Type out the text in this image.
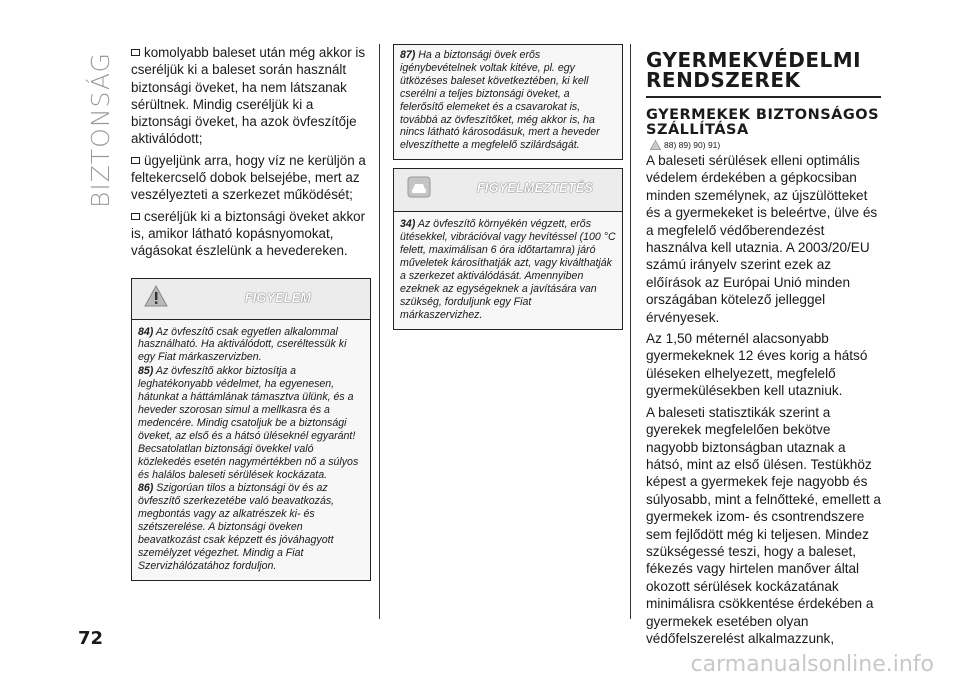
BIZTONSÁG	komolyabb baleset után még akkor is cseréljük ki a baleset során használt biztonsági öveket, ha nem látszanak sérültnek. Mindig cseréljük ki a biztonsági öveket, ha azok övfeszítője aktiválódott;

ügyeljünk arra, hogy víz ne kerüljön a feltekercselő dobok belsejébe, mert az veszélyezteti a szerkezet működését;

cseréljük ki a biztonsági öveket akkor is, amikor látható kopásnyomokat, vágásokat észlelünk a hevedereken.

FIGYELEM

84) Az övfeszítő csak egyetlen alkalommal használható. Ha aktiválódott, cseréltessük ki egy Fiat márkaszervizben.

85) Az övfeszítő akkor biztosítja a leghatékonyabb védelmet, ha egyenesen, hátunkat a háttámlának támasztva ülünk, és a heveder szorosan simul a mellkasra és a medencére. Mindig csatoljuk be a biztonsági öveket, az első és a hátsó üléseknél egyaránt! Becsatolatlan biztonsági övekkel való közlekedés esetén nagymértékben nő a súlyos és halálos baleseti sérülések kockázata.

86) Szigorúan tilos a biztonsági öv és az övfeszítő szerkezetébe való beavatkozás, megbontás vagy az alkatrészek ki- és szétszerelése. A biztonsági öveken beavatkozást csak képzett és jóváhagyott személyzet végezhet. Mindig a Fiat Szervizhálózatához forduljon.

87) Ha a biztonsági övek erős igénybevételnek voltak kitéve, pl. egy ütközéses baleset következtében, ki kell cserélni a teljes biztonsági öveket, a felerősítő elemeket és a csavarokat is, továbbá az övfeszítőket, még akkor is, ha nincs látható károsodásuk, mert a heveder elveszíthette a megfelelő szilárdságát.

FIGYELMEZTETÉS

34) Az övfeszítő környékén végzett, erős ütésekkel, vibrációval vagy hevítéssel (100 °C felett, maximálisan 6 óra időtartamra) járó műveletek károsíthatják azt, vagy kiválthatják a szerkezet aktiválódását. Amennyiben ezeknek az egységeknek a javítására van szükség, forduljunk egy Fiat márkaszervizhez.

GYERMEKVÉDELMI RENDSZEREK
GYERMEKEK BIZTONSÁGOS SZÁLLÍTÁSA
88) 89) 90) 91)

A baleseti sérülések elleni optimális védelem érdekében a gépkocsiban minden személynek, az újszülötteket és a gyermekeket is beleértve, ülve és a megfelelő védőberendezést használva kell utaznia. A 2003/20/EU számú irányelv szerint ezek az előírások az Európai Unió minden országában kötelező jelleggel érvényesek.

Az 1,50 méternél alacsonyabb gyermekeknek 12 éves korig a hátsó üléseken elhelyezett, megfelelő gyermekülésekben kell utazniuk.

A baleseti statisztikák szerint a gyerekek megfelelően bekötve nagyobb biztonságban utaznak a hátsó, mint az első ülésen. Testükhöz képest a gyermekek feje nagyobb és súlyosabb, mint a felnőtteké, emellett a gyermekek izom- és csontrendszere sem fejlődött még ki teljesen. Mindez szükségessé teszi, hogy a baleset, fékezés vagy hirtelen manőver által okozott sérülések kockázatának minimálisra csökkentése érdekében a gyermekek esetében olyan védőfelszerelést alkalmazzunk,

72
carmanualsonline.info
